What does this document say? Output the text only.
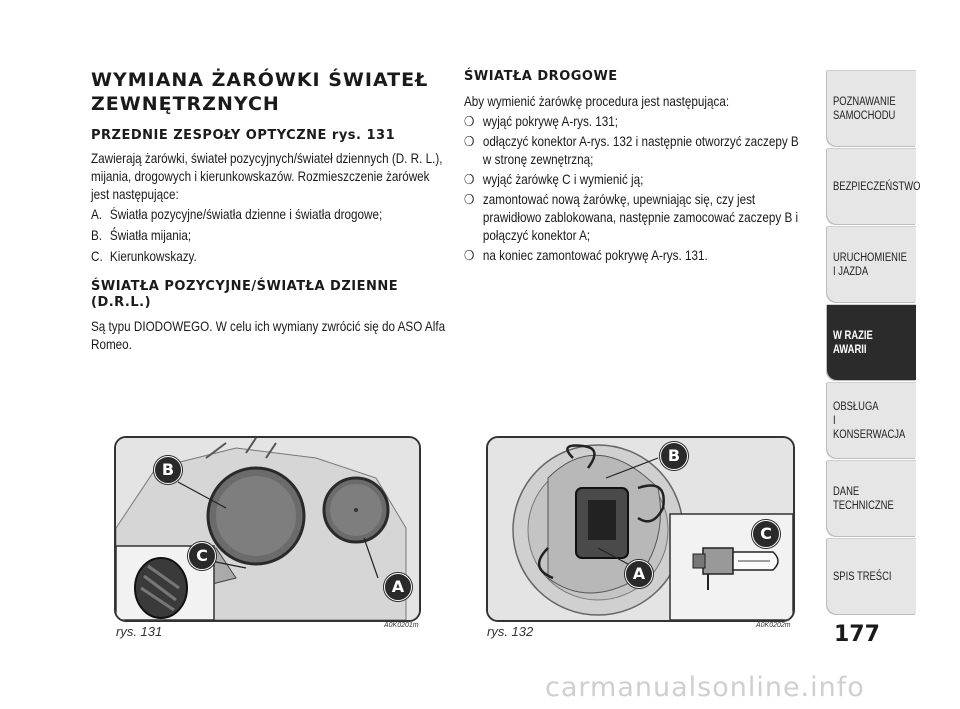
WYMIANA ŻARÓWKI ŚWIATEŁ
ZEWNĘTRZNYCH
PRZEDNIE ZESPOŁY OPTYCZNE rys. 131
Zawierają żarówki, świateł pozycyjnych/świateł dziennych (D. R. L.), mijania, drogowych i kierunkowskazów. Rozmieszczenie żarówek jest następujące:
A. Światła pozycyjne/światła dzienne i światła drogowe;
B. Światła mijania;
C. Kierunkowskazy.
ŚWIATŁA POZYCYJNE/ŚWIATŁA DZIENNE
(D.R.L.)
Są typu DIODOWEGO. W celu ich wymiany zwrócić się do ASO Alfa Romeo.
ŚWIATŁA DROGOWE
Aby wymienić żarówkę procedura jest następująca:
❍ wyjąć pokrywę A-rys. 131;
❍ odłączyć konektor A-rys. 132 i następnie otworzyć zaczepy B w stronę zewnętrzną;
❍ wyjąć żarówkę C i wymienić ją;
❍ zamontować nową żarówkę, upewniając się, czy jest prawidłowo zablokowana, następnie zamocować zaczepy B i połączyć konektor A;
❍ na koniec zamontować pokrywę A-rys. 131.
B
C
A
rys. 131	A0K0201m
B
C
A
rys. 132	A0K0202m
POZNAWANIE
SAMOCHODU
BEZPIECZEŃSTWO
URUCHOMIENIE
I JAZDA
W RAZIE AWARII
OBSŁUGA
I KONSERWACJA
DANE
TECHNICZNE
SPIS TREŚCI
177
carmanualsonline.info
